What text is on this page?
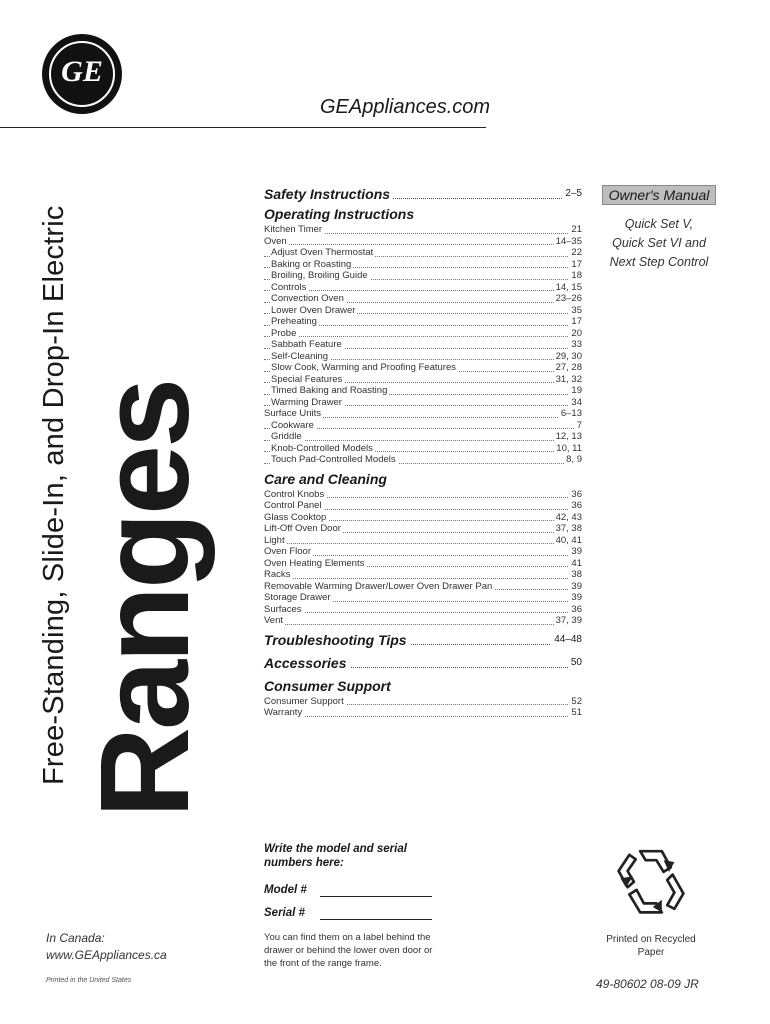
GE
GEAppliances.com
Free-Standing, Slide-In, and Drop-In Electric Ranges
Safety Instructions	2–5
Operating Instructions
Kitchen Timer	21
Oven	14–35
Adjust Oven Thermostat	22
Baking or Roasting	17
Broiling, Broiling Guide	18
Controls	14, 15
Convection Oven	23–26
Lower Oven Drawer	35
Preheating	17
Probe	20
Sabbath Feature	33
Self-Cleaning	29, 30
Slow Cook, Warming and Proofing Features	27, 28
Special Features	31, 32
Timed Baking and Roasting	19
Warming Drawer	34
Surface Units	6–13
Cookware	7
Griddle	12, 13
Knob-Controlled Models	10, 11
Touch Pad-Controlled Models	8, 9
Care and Cleaning
Control Knobs	36
Control Panel	36
Glass Cooktop	42, 43
Lift-Off Oven Door	37, 38
Light	40, 41
Oven Floor	39
Oven Heating Elements	41
Racks	38
Removable Warming Drawer/Lower Oven Drawer Pan	39
Storage Drawer	39
Surfaces	36
Vent	37, 39
Troubleshooting Tips	44–48
Accessories	50
Consumer Support
Consumer Support	52
Warranty	51
Owner's Manual
Quick Set V,
Quick Set VI and
Next Step Control
Write the model and serial numbers here:
Model #
Serial #
You can find them on a label behind the drawer or behind the lower oven door or the front of the range frame.
In Canada:
www.GEAppliances.ca
Printed in the United States
Printed on Recycled Paper
49-80602 08-09 JR
